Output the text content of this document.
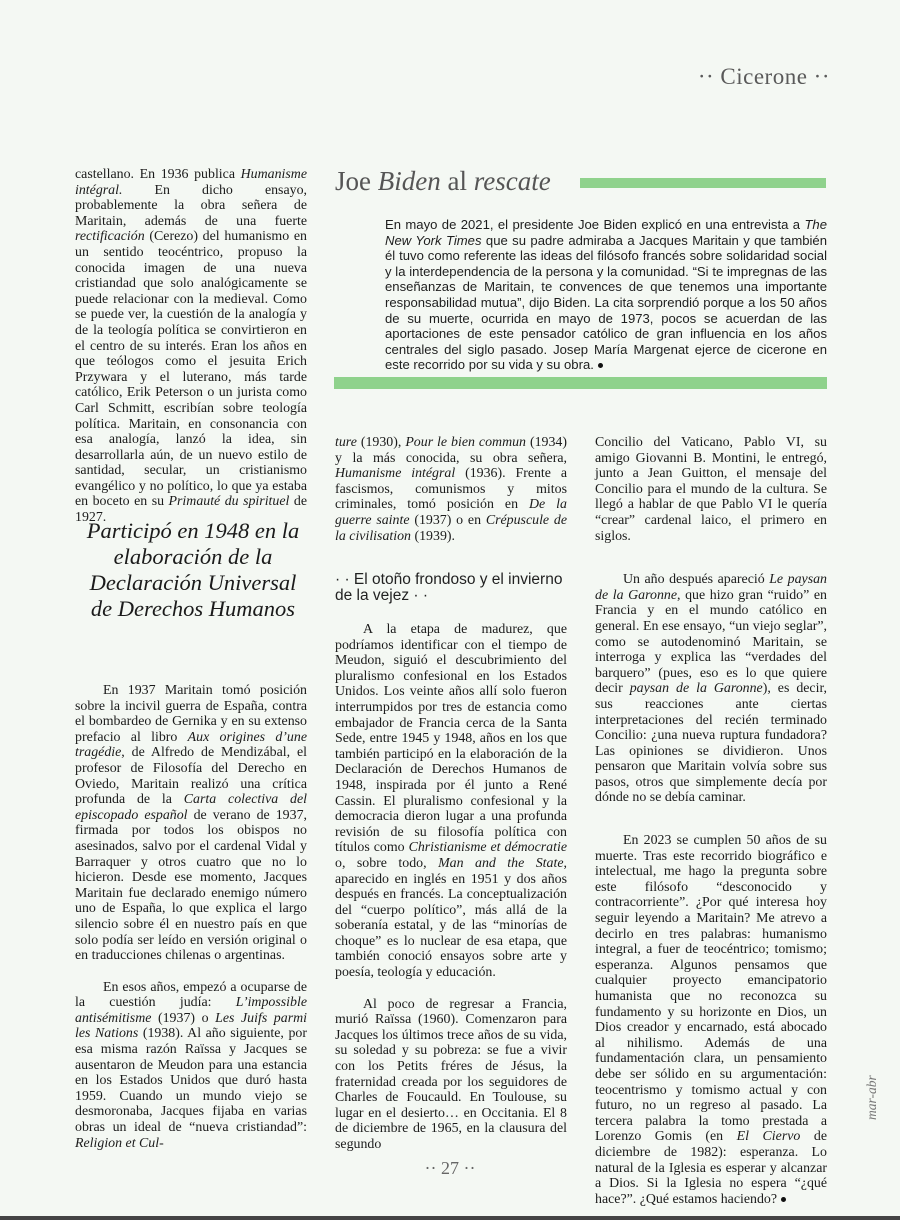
·· Cicerone ··

castellano. En 1936 publica Humanisme intégral. En dicho ensayo, probablemente la obra señera de Maritain, además de una fuerte rectificación (Cerezo) del humanismo en un sentido teocéntrico, propuso la conocida imagen de una nueva cristiandad que solo analógicamente se puede relacionar con la medieval. Como se puede ver, la cuestión de la analogía y de la teología política se convirtieron en el centro de su interés. Eran los años en que teólogos como el jesuita Erich Przywara y el luterano, más tarde católico, Erik Peterson o un jurista como Carl Schmitt, escribían sobre teología política. Maritain, en consonancia con esa analogía, lanzó la idea, sin desarrollarla aún, de un nuevo estilo de santidad, secular, un cristianismo evangélico y no político, lo que ya estaba en boceto en su Primauté du spirituel de 1927.

Participó en 1948 en la elaboración de la Declaración Universal de Derechos Humanos

En 1937 Maritain tomó posición sobre la incivil guerra de España, contra el bombardeo de Gernika y en su extenso prefacio al libro Aux origines d’une tragédie, de Alfredo de Mendizábal, el profesor de Filosofía del Derecho en Oviedo, Maritain realizó una crítica profunda de la Carta colectiva del episcopado español de verano de 1937, firmada por todos los obispos no asesinados, salvo por el cardenal Vidal y Barraquer y otros cuatro que no lo hicieron. Desde ese momento, Jacques Maritain fue declarado enemigo número uno de España, lo que explica el largo silencio sobre él en nuestro país en que solo podía ser leído en versión original o en traducciones chilenas o argentinas.

En esos años, empezó a ocuparse de la cuestión judía: L’impossible antisémitisme (1937) o Les Juifs parmi les Nations (1938). Al año siguiente, por esa misma razón Raïssa y Jacques se ausentaron de Meudon para una estancia en los Estados Unidos que duró hasta 1959. Cuando un mundo viejo se desmoronaba, Jacques fijaba en varias obras un ideal de “nueva cristiandad”: Religion et Cul-

Joe Biden al rescate
En mayo de 2021, el presidente Joe Biden explicó en una entrevista a The New York Times que su padre admiraba a Jacques Maritain y que también él tuvo como referente las ideas del filósofo francés sobre solidaridad social y la interdependencia de la persona y la comunidad. “Si te impregnas de las enseñanzas de Maritain, te convences de que tenemos una importante responsabilidad mutua”, dijo Biden. La cita sorprendió porque a los 50 años de su muerte, ocurrida en mayo de 1973, pocos se acuerdan de las aportaciones de este pensador católico de gran influencia en los años centrales del siglo pasado. Josep María Margenat ejerce de cicerone en este recorrido por su vida y su obra.

ture (1930), Pour le bien commun (1934) y la más conocida, su obra señera, Humanisme intégral (1936). Frente a fascismos, comunismos y mitos criminales, tomó posición en De la guerre sainte (1937) o en Crépuscule de la civilisation (1939).

· · El otoño frondoso y el invierno de la vejez · ·

A la etapa de madurez, que podríamos identificar con el tiempo de Meudon, siguió el descubrimiento del pluralismo confesional en los Estados Unidos. Los veinte años allí solo fueron interrumpidos por tres de estancia como embajador de Francia cerca de la Santa Sede, entre 1945 y 1948, años en los que también participó en la elaboración de la Declaración de Derechos Humanos de 1948, inspirada por él junto a René Cassin. El pluralismo confesional y la democracia dieron lugar a una profunda revisión de su filosofía política con títulos como Christianisme et démocratie o, sobre todo, Man and the State, aparecido en inglés en 1951 y dos años después en francés. La conceptualización del “cuerpo político”, más allá de la soberanía estatal, y de las “minorías de choque” es lo nuclear de esa etapa, que también conoció ensayos sobre arte y poesía, teología y educación.

Al poco de regresar a Francia, murió Raïssa (1960). Comenzaron para Jacques los últimos trece años de su vida, su soledad y su pobreza: se fue a vivir con los Petits fréres de Jésus, la fraternidad creada por los seguidores de Charles de Foucauld. En Toulouse, su lugar en el desierto… en Occitania. El 8 de diciembre de 1965, en la clausura del segundo

Concilio del Vaticano, Pablo VI, su amigo Giovanni B. Montini, le entregó, junto a Jean Guitton, el mensaje del Concilio para el mundo de la cultura. Se llegó a hablar de que Pablo VI le quería “crear” cardenal laico, el primero en siglos.

Un año después apareció Le paysan de la Garonne, que hizo gran “ruido” en Francia y en el mundo católico en general. En ese ensayo, “un viejo seglar”, como se autodenominó Maritain, se interroga y explica las “verdades del barquero” (pues, eso es lo que quiere decir paysan de la Garonne), es decir, sus reacciones ante ciertas interpretaciones del recién terminado Concilio: ¿una nueva ruptura fundadora? Las opiniones se dividieron. Unos pensaron que Maritain volvía sobre sus pasos, otros que simplemente decía por dónde no se debía caminar.

En 2023 se cumplen 50 años de su muerte. Tras este recorrido biográfico e intelectual, me hago la pregunta sobre este filósofo “desconocido y contracorriente”. ¿Por qué interesa hoy seguir leyendo a Maritain? Me atrevo a decirlo en tres palabras: humanismo integral, a fuer de teocéntrico; tomismo; esperanza. Algunos pensamos que cualquier proyecto emancipatorio humanista que no reconozca su fundamento y su horizonte en Dios, un Dios creador y encarnado, está abocado al nihilismo. Además de una fundamentación clara, un pensamiento debe ser sólido en su argumentación: teocentrismo y tomismo actual y con futuro, no un regreso al pasado. La tercera palabra la tomo prestada a Lorenzo Gomis (en El Ciervo de diciembre de 1982): esperanza. Lo natural de la Iglesia es esperar y alcanzar a Dios. Si la Iglesia no espera “¿qué hace?”. ¿Qué estamos haciendo?

mar-abr
·· 27 ··
